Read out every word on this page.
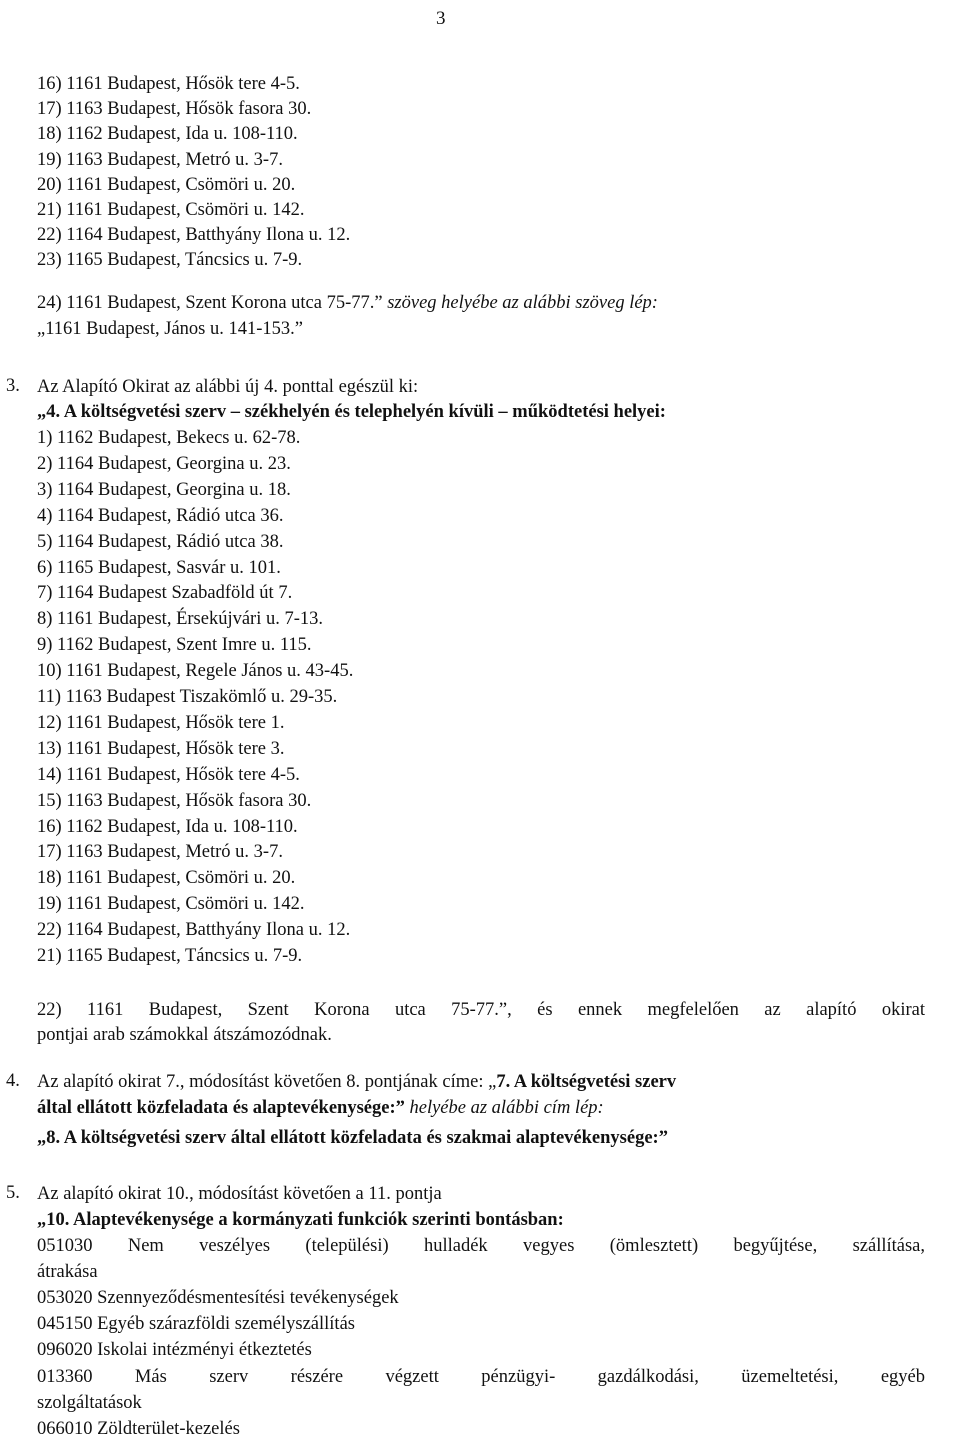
3
16) 1161 Budapest, Hősök tere 4-5.
17) 1163 Budapest, Hősök fasora 30.
18) 1162 Budapest, Ida u. 108-110.
19) 1163 Budapest, Metró u. 3-7.
20) 1161 Budapest, Csömöri u. 20.
21) 1161 Budapest, Csömöri u. 142.
22) 1164 Budapest, Batthyány Ilona u. 12.
23) 1165 Budapest, Táncsics u. 7-9.
24) 1161 Budapest, Szent Korona utca 75-77.” szöveg helyébe az alábbi szöveg lép:
„1161 Budapest, János u. 141-153.”
3. Az Alapító Okirat az alábbi új 4. ponttal egészül ki:
„4. A költségvetési szerv – székhelyén és telephelyén kívüli – működtetési helyei:
1) 1162 Budapest, Bekecs u. 62-78.
2) 1164 Budapest, Georgina u. 23.
3) 1164 Budapest, Georgina u. 18.
4) 1164 Budapest, Rádió utca 36.
5) 1164 Budapest, Rádió utca 38.
6) 1165 Budapest, Sasvár u. 101.
7) 1164 Budapest Szabadföld út 7.
8) 1161 Budapest, Érsekújvári u. 7-13.
9) 1162 Budapest, Szent Imre u. 115.
10) 1161 Budapest, Regele János u. 43-45.
11) 1163 Budapest Tiszakömlő u. 29-35.
12) 1161 Budapest, Hősök tere 1.
13) 1161 Budapest, Hősök tere 3.
14) 1161 Budapest, Hősök tere 4-5.
15) 1163 Budapest, Hősök fasora 30.
16) 1162 Budapest, Ida u. 108-110.
17) 1163 Budapest, Metró u. 3-7.
18) 1161 Budapest, Csömöri u. 20.
19) 1161 Budapest, Csömöri u. 142.
22) 1164 Budapest, Batthyány Ilona u. 12.
21) 1165 Budapest, Táncsics u. 7-9.
22) 1161 Budapest, Szent Korona utca 75-77.”, és ennek megfelelően az alapító okirat
pontjai arab számokkal átszámozódnak.
4. Az alapító okirat 7., módosítást követően 8. pontjának címe: „7. A költségvetési szerv
által ellátott közfeladata és alaptevékenysége:” helyébe az alábbi cím lép:
„8. A költségvetési szerv által ellátott közfeladata és szakmai alaptevékenysége:”
5. Az alapító okirat 10., módosítást követően a 11. pontja
„10. Alaptevékenysége a kormányzati funkciók szerinti bontásban:
051030 Nem veszélyes (települési) hulladék vegyes (ömlesztett) begyűjtése, szállítása,
átrakása
053020 Szennyeződésmentesítési tevékenységek
045150 Egyéb szárazföldi személyszállítás
096020 Iskolai intézményi étkeztetés
013360 Más szerv részére végzett pénzügyi- gazdálkodási, üzemeltetési, egyéb
szolgáltatások
066010 Zöldterület-kezelés
